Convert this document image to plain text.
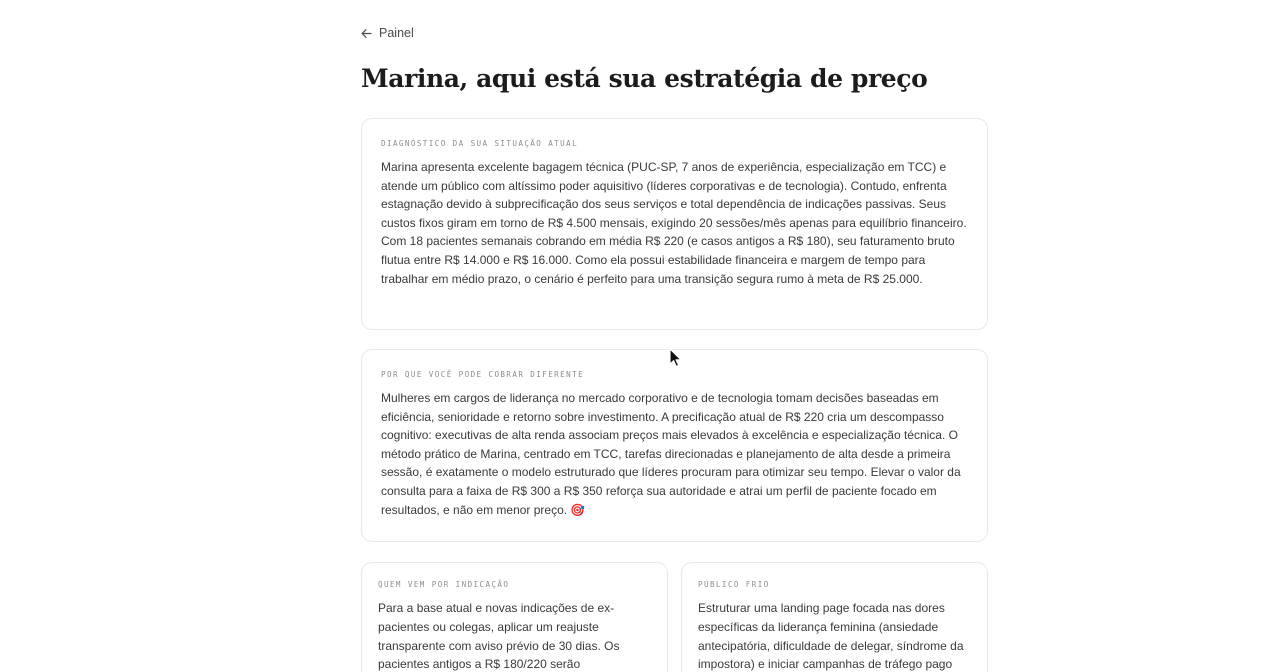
Painel
Marina, aqui está sua estratégia de preço

DIAGNÓSTICO DA SUA SITUAÇÃO ATUAL

Marina apresenta excelente bagagem técnica (PUC-SP, 7 anos de experiência, especialização em TCC) e atende um público com altíssimo poder aquisitivo (líderes corporativas e de tecnologia). Contudo, enfrenta estagnação devido à subprecificação dos seus serviços e total dependência de indicações passivas. Seus custos fixos giram em torno de R$ 4.500 mensais, exigindo 20 sessões/mês apenas para equilíbrio financeiro. Com 18 pacientes semanais cobrando em média R$ 220 (e casos antigos a R$ 180), seu faturamento bruto flutua entre R$ 14.000 e R$ 16.000. Como ela possui estabilidade financeira e margem de tempo para trabalhar em médio prazo, o cenário é perfeito para uma transição segura rumo à meta de R$ 25.000.

POR QUE VOCÊ PODE COBRAR DIFERENTE

Mulheres em cargos de liderança no mercado corporativo e de tecnologia tomam decisões baseadas em eficiência, senioridade e retorno sobre investimento. A precificação atual de R$ 220 cria um descompasso cognitivo: executivas de alta renda associam preços mais elevados à excelência e especialização técnica. O método prático de Marina, centrado em TCC, tarefas direcionadas e planejamento de alta desde a primeira sessão, é exatamente o modelo estruturado que líderes procuram para otimizar seu tempo. Elevar o valor da consulta para a faixa de R$ 300 a R$ 350 reforça sua autoridade e atrai um perfil de paciente focado em resultados, e não em menor preço. 🎯

QUEM VEM POR INDICAÇÃO

Para a base atual e novas indicações de ex-pacientes ou colegas, aplicar um reajuste transparente com aviso prévio de 30 dias. Os pacientes antigos a R$ 180/220 serão

PÚBLICO FRIO

Estruturar uma landing page focada nas dores específicas da liderança feminina (ansiedade antecipatória, dificuldade de delegar, síndrome da impostora) e iniciar campanhas de tráfego pago
